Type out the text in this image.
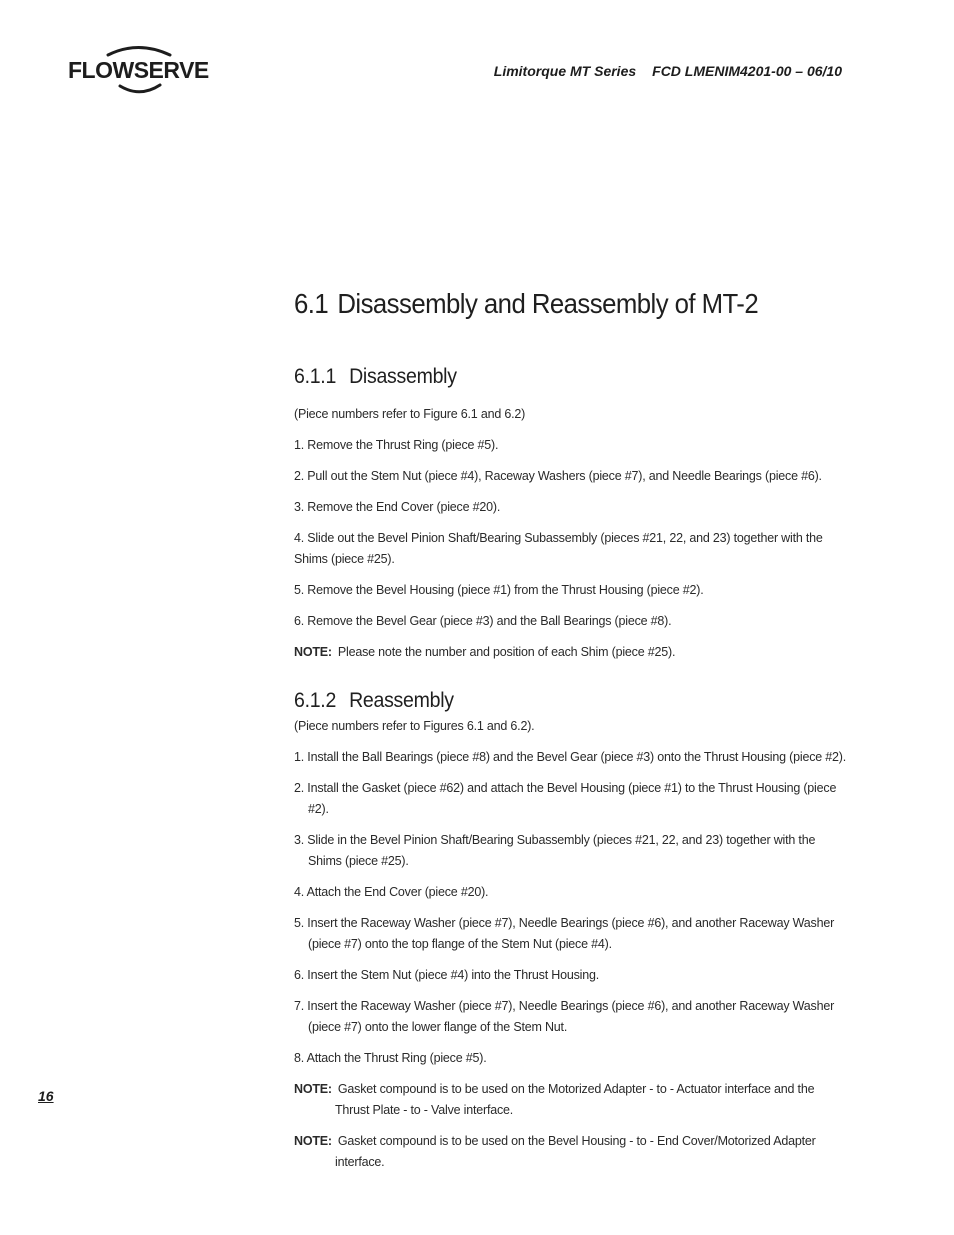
FLOWSERVE	Limitorque MT Series FCD LMENIM4201-00 – 06/10
6.1 Disassembly and Reassembly of MT-2
6.1.1 Disassembly

(Piece numbers refer to Figure 6.1 and 6.2)

1. Remove the Thrust Ring (piece #5).
2. Pull out the Stem Nut (piece #4), Raceway Washers (piece #7), and Needle Bearings (piece #6).
3. Remove the End Cover (piece #20).
4. Slide out the Bevel Pinion Shaft/Bearing Subassembly (pieces #21, 22, and 23) together with the Shims (piece #25).
5. Remove the Bevel Housing (piece #1) from the Thrust Housing (piece #2).
6. Remove the Bevel Gear (piece #3) and the Ball Bearings (piece #8).

NOTE: Please note the number and position of each Shim (piece #25).

6.1.2 Reassembly

(Piece numbers refer to Figures 6.1 and 6.2).

1. Install the Ball Bearings (piece #8) and the Bevel Gear (piece #3) onto the Thrust Housing (piece #2).
2. Install the Gasket (piece #62) and attach the Bevel Housing (piece #1) to the Thrust Housing (piece #2).
3. Slide in the Bevel Pinion Shaft/Bearing Subassembly (pieces #21, 22, and 23) together with the Shims (piece #25).
4. Attach the End Cover (piece #20).
5. Insert the Raceway Washer (piece #7), Needle Bearings (piece #6), and another Raceway Washer (piece #7) onto the top flange of the Stem Nut (piece #4).
6. Insert the Stem Nut (piece #4) into the Thrust Housing.
7. Insert the Raceway Washer (piece #7), Needle Bearings (piece #6), and another Raceway Washer (piece #7) onto the lower flange of the Stem Nut.
8. Attach the Thrust Ring (piece #5).

NOTE: Gasket compound is to be used on the Motorized Adapter - to - Actuator interface and the Thrust Plate - to - Valve interface.

NOTE: Gasket compound is to be used on the Bevel Housing - to - End Cover/Motorized Adapter interface.

16
